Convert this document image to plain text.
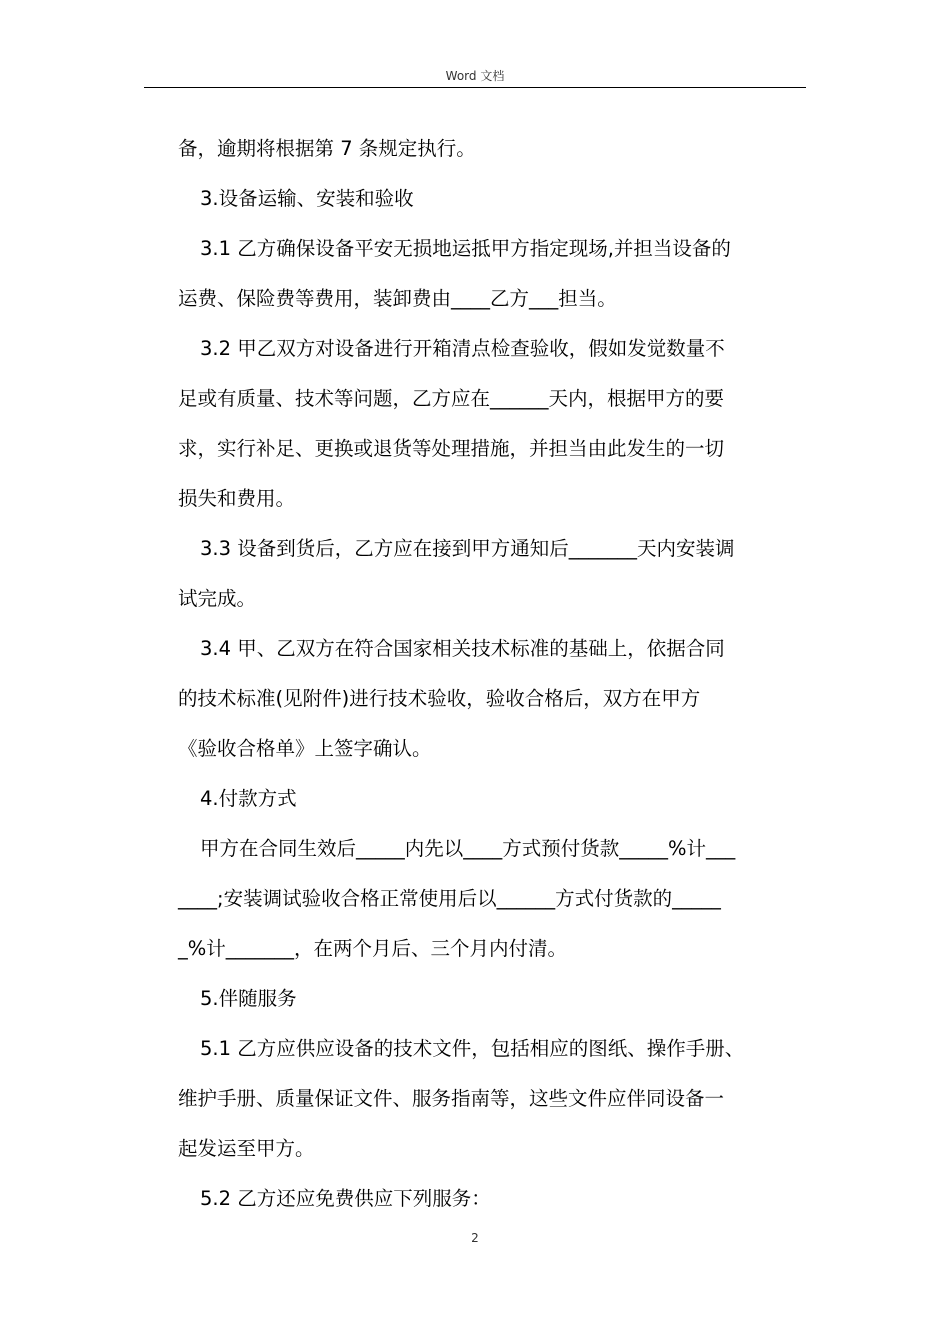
Word 文档

备，逾期将根据第 7 条规定执行。

3.设备运输、安装和验收

3.1 乙方确保设备平安无损地运抵甲方指定现场,并担当设备的

运费、保险费等费用，装卸费由____乙方___担当。

3.2 甲乙双方对设备进行开箱清点检查验收，假如发觉数量不

足或有质量、技术等问题，乙方应在______天内，根据甲方的要

求，实行补足、更换或退货等处理措施，并担当由此发生的一切

损失和费用。

3.3 设备到货后，乙方应在接到甲方通知后_______天内安装调

试完成。

3.4 甲、乙双方在符合国家相关技术标准的基础上，依据合同

的技术标准(见附件)进行技术验收，验收合格后，双方在甲方

《验收合格单》上签字确认。

4.付款方式

甲方在合同生效后_____内先以____方式预付货款_____%计___

____;安装调试验收合格正常使用后以______方式付货款的_____

_%计_______，在两个月后、三个月内付清。

5.伴随服务

5.1 乙方应供应设备的技术文件，包括相应的图纸、操作手册、

维护手册、质量保证文件、服务指南等，这些文件应伴同设备一

起发运至甲方。

5.2 乙方还应免费供应下列服务：

2
